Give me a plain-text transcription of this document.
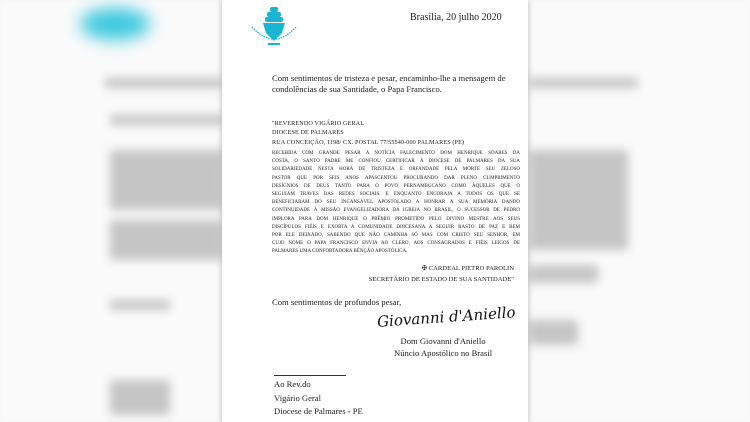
Brasília, 20 julho 2020
Com sentimentos de tristeza e pesar, encaminho-lhe a mensagem de condolências de sua Santidade, o Papa Francisco.
"REVERENDO VIGÁRIO GERAL
DIOCESE DE PALMARES
RUA CONCEIÇÃO, 1198/ CX. POSTAL 77/55540-000 PALMARES (PE)
RECEBIDA COM GRANDE PESAR A NOTÍCIA FALECIMENTO DOM HENRIQUE SOARES DA
COSTA, O SANTO PADRE ME CONFIOU CERTIFICAR À DIOCESE DE PALMARES DA SUA
SOLIDARIEDADE NESTA HORA DE TRISTEZA E ORFANDADE PELA MORTE SEU ZELOSO
PASTOR QUE POR SEIS ANOS APASCENTOU PROCURANDO DAR PLENO CUMPRIMENTO
DESÍGNIOS DE DEUS TANTO PARA O POVO PERNAMBUCANO COMO ÀQUELES QUE O
SEGUIAM TRAVES DAS REDES SOCIAIS. E ENQUANTO ENCORAJA A TODOS OS QUE SE
BENEFICIARAM DO SEU INCANSÁVEL APOSTOLADO A HONRAR A SUA MEMÓRIA DANDO
CONTINUIDADE À MISSÃO EVANGELIZADORA DA IGREJA NO BRASIL, O SUCESSOR DE PEDRO
IMPLORA PARA DOM HENRIQUE O PRÊMIO PROMETIDO PELO DIVINO MESTRE AOS SEUS
DISCÍPULOS FIÉIS E EXORTA A COMUNIDADE DIOCESANA A SEGUIR RASTO DE PAZ E BEM
POR ELE DEIXADO, SABENDO QUE NÃO CAMINHA SÓ MAS COM CRISTO SEU SENHOR, EM
CUJO NOME O PAPA FRANCISCO ENVIA AO CLERO, AOS CONSAGRADOS E FIÉIS LEIGOS DE
PALMARES UMA CONFORTADORA BÊNÇÃO APOSTÓLICA.
✠ CARDEAL PIETRO PAROLIN
SECRETÁRIO DE ESTADO DE SUA SANTIDADE"
Com sentimentos de profundos pesar,
Giovanni d'Aniello
Dom Giovanni d'Aniello
Núncio Apostólico no Brasil
Ao Rev.do
Vigário Geral
Diocese de Palmares - PE
